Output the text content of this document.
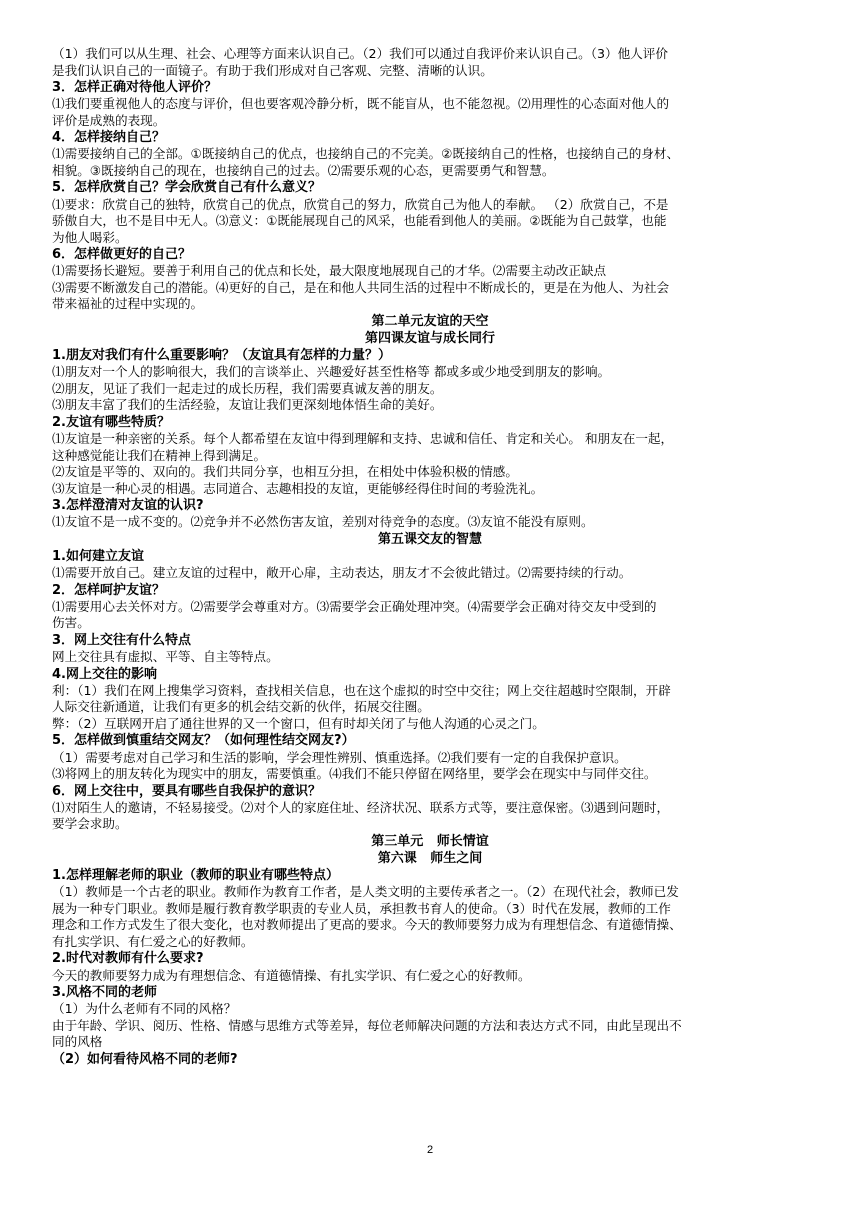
（1）我们可以从生理、社会、心理等方面来认识自己。（2）我们可以通过自我评价来认识自己。（3）他人评价
是我们认识自己的一面镜子。有助于我们形成对自己客观、完整、清晰的认识。
3．怎样正确对待他人评价？
⑴我们要重视他人的态度与评价，但也要客观冷静分析，既不能盲从，也不能忽视。⑵用理性的心态面对他人的
评价是成熟的表现。
4．怎样接纳自己？
⑴需要接纳自己的全部。①既接纳自己的优点，也接纳自己的不完美。②既接纳自己的性格，也接纳自己的身材、
相貌。③既接纳自己的现在，也接纳自己的过去。⑵需要乐观的心态，更需要勇气和智慧。
5．怎样欣赏自己？学会欣赏自己有什么意义？
⑴要求：欣赏自己的独特，欣赏自己的优点，欣赏自己的努力，欣赏自己为他人的奉献。 （2）欣赏自己，不是
骄傲自大，也不是目中无人。⑶意义：①既能展现自己的风采，也能看到他人的美丽。②既能为自己鼓掌，也能
为他人喝彩。
6．怎样做更好的自己？
⑴需要扬长避短。要善于利用自己的优点和长处，最大限度地展现自己的才华。⑵需要主动改正缺点
⑶需要不断激发自己的潜能。⑷更好的自己，是在和他人共同生活的过程中不断成长的，更是在为他人、为社会
带来福祉的过程中实现的。
第二单元友谊的天空
第四课友谊与成长同行
1.朋友对我们有什么重要影响？（友谊具有怎样的力量？）
⑴朋友对一个人的影响很大，我们的言谈举止、兴趣爱好甚至性格等 都或多或少地受到朋友的影响。
⑵朋友，见证了我们一起走过的成长历程，我们需要真诚友善的朋友。
⑶朋友丰富了我们的生活经验，友谊让我们更深刻地体悟生命的美好。
2.友谊有哪些特质？
⑴友谊是一种亲密的关系。每个人都希望在友谊中得到理解和支持、忠诚和信任、肯定和关心。 和朋友在一起，
这种感觉能让我们在精神上得到满足。
⑵友谊是平等的、双向的。我们共同分享，也相互分担，在相处中体验积极的情感。
⑶友谊是一种心灵的相遇。志同道合、志趣相投的友谊，更能够经得住时间的考验洗礼。
3.怎样澄清对友谊的认识?
⑴友谊不是一成不变的。⑵竞争并不必然伤害友谊，差别对待竞争的态度。⑶友谊不能没有原则。
第五课交友的智慧
1.如何建立友谊
⑴需要开放自己。建立友谊的过程中，敞开心扉，主动表达，朋友才不会彼此错过。⑵需要持续的行动。
2．怎样呵护友谊？
⑴需要用心去关怀对方。⑵需要学会尊重对方。⑶需要学会正确处理冲突。⑷需要学会正确对待交友中受到的
伤害。
3．网上交往有什么特点
网上交往具有虚拟、平等、自主等特点。
4.网上交往的影响
利：（1）我们在网上搜集学习资料，查找相关信息，也在这个虚拟的时空中交往；网上交往超越时空限制，开辟
人际交往新通道，让我们有更多的机会结交新的伙伴，拓展交往圈。
弊：（2）互联网开启了通往世界的又一个窗口，但有时却关闭了与他人沟通的心灵之门。
5．怎样做到慎重结交网友？（如何理性结交网友?）
（1）需要考虑对自己学习和生活的影响，学会理性辨别、慎重选择。⑵我们要有一定的自我保护意识。
⑶将网上的朋友转化为现实中的朋友，需要慎重。⑷我们不能只停留在网络里，要学会在现实中与同伴交往。
6．网上交往中，要具有哪些自我保护的意识？
⑴对陌生人的邀请，不轻易接受。⑵对个人的家庭住址、经济状况、联系方式等，要注意保密。⑶遇到问题时，
要学会求助。
第三单元   师长情谊
第六课   师生之间
1.怎样理解老师的职业（教师的职业有哪些特点）
（1）教师是一个古老的职业。教师作为教育工作者，是人类文明的主要传承者之一。（2）在现代社会，教师已发
展为一种专门职业。教师是履行教育教学职责的专业人员，承担教书育人的使命。（3）时代在发展，教师的工作
理念和工作方式发生了很大变化，也对教师提出了更高的要求。今天的教师要努力成为有理想信念、有道德情操、
有扎实学识、有仁爱之心的好教师。
2.时代对教师有什么要求?
今天的教师要努力成为有理想信念、有道德情操、有扎实学识、有仁爱之心的好教师。
3.风格不同的老师
（1）为什么老师有不同的风格？
由于年龄、学识、阅历、性格、情感与思维方式等差异，每位老师解决问题的方法和表达方式不同，由此呈现出不
同的风格
（2）如何看待风格不同的老师?
2
